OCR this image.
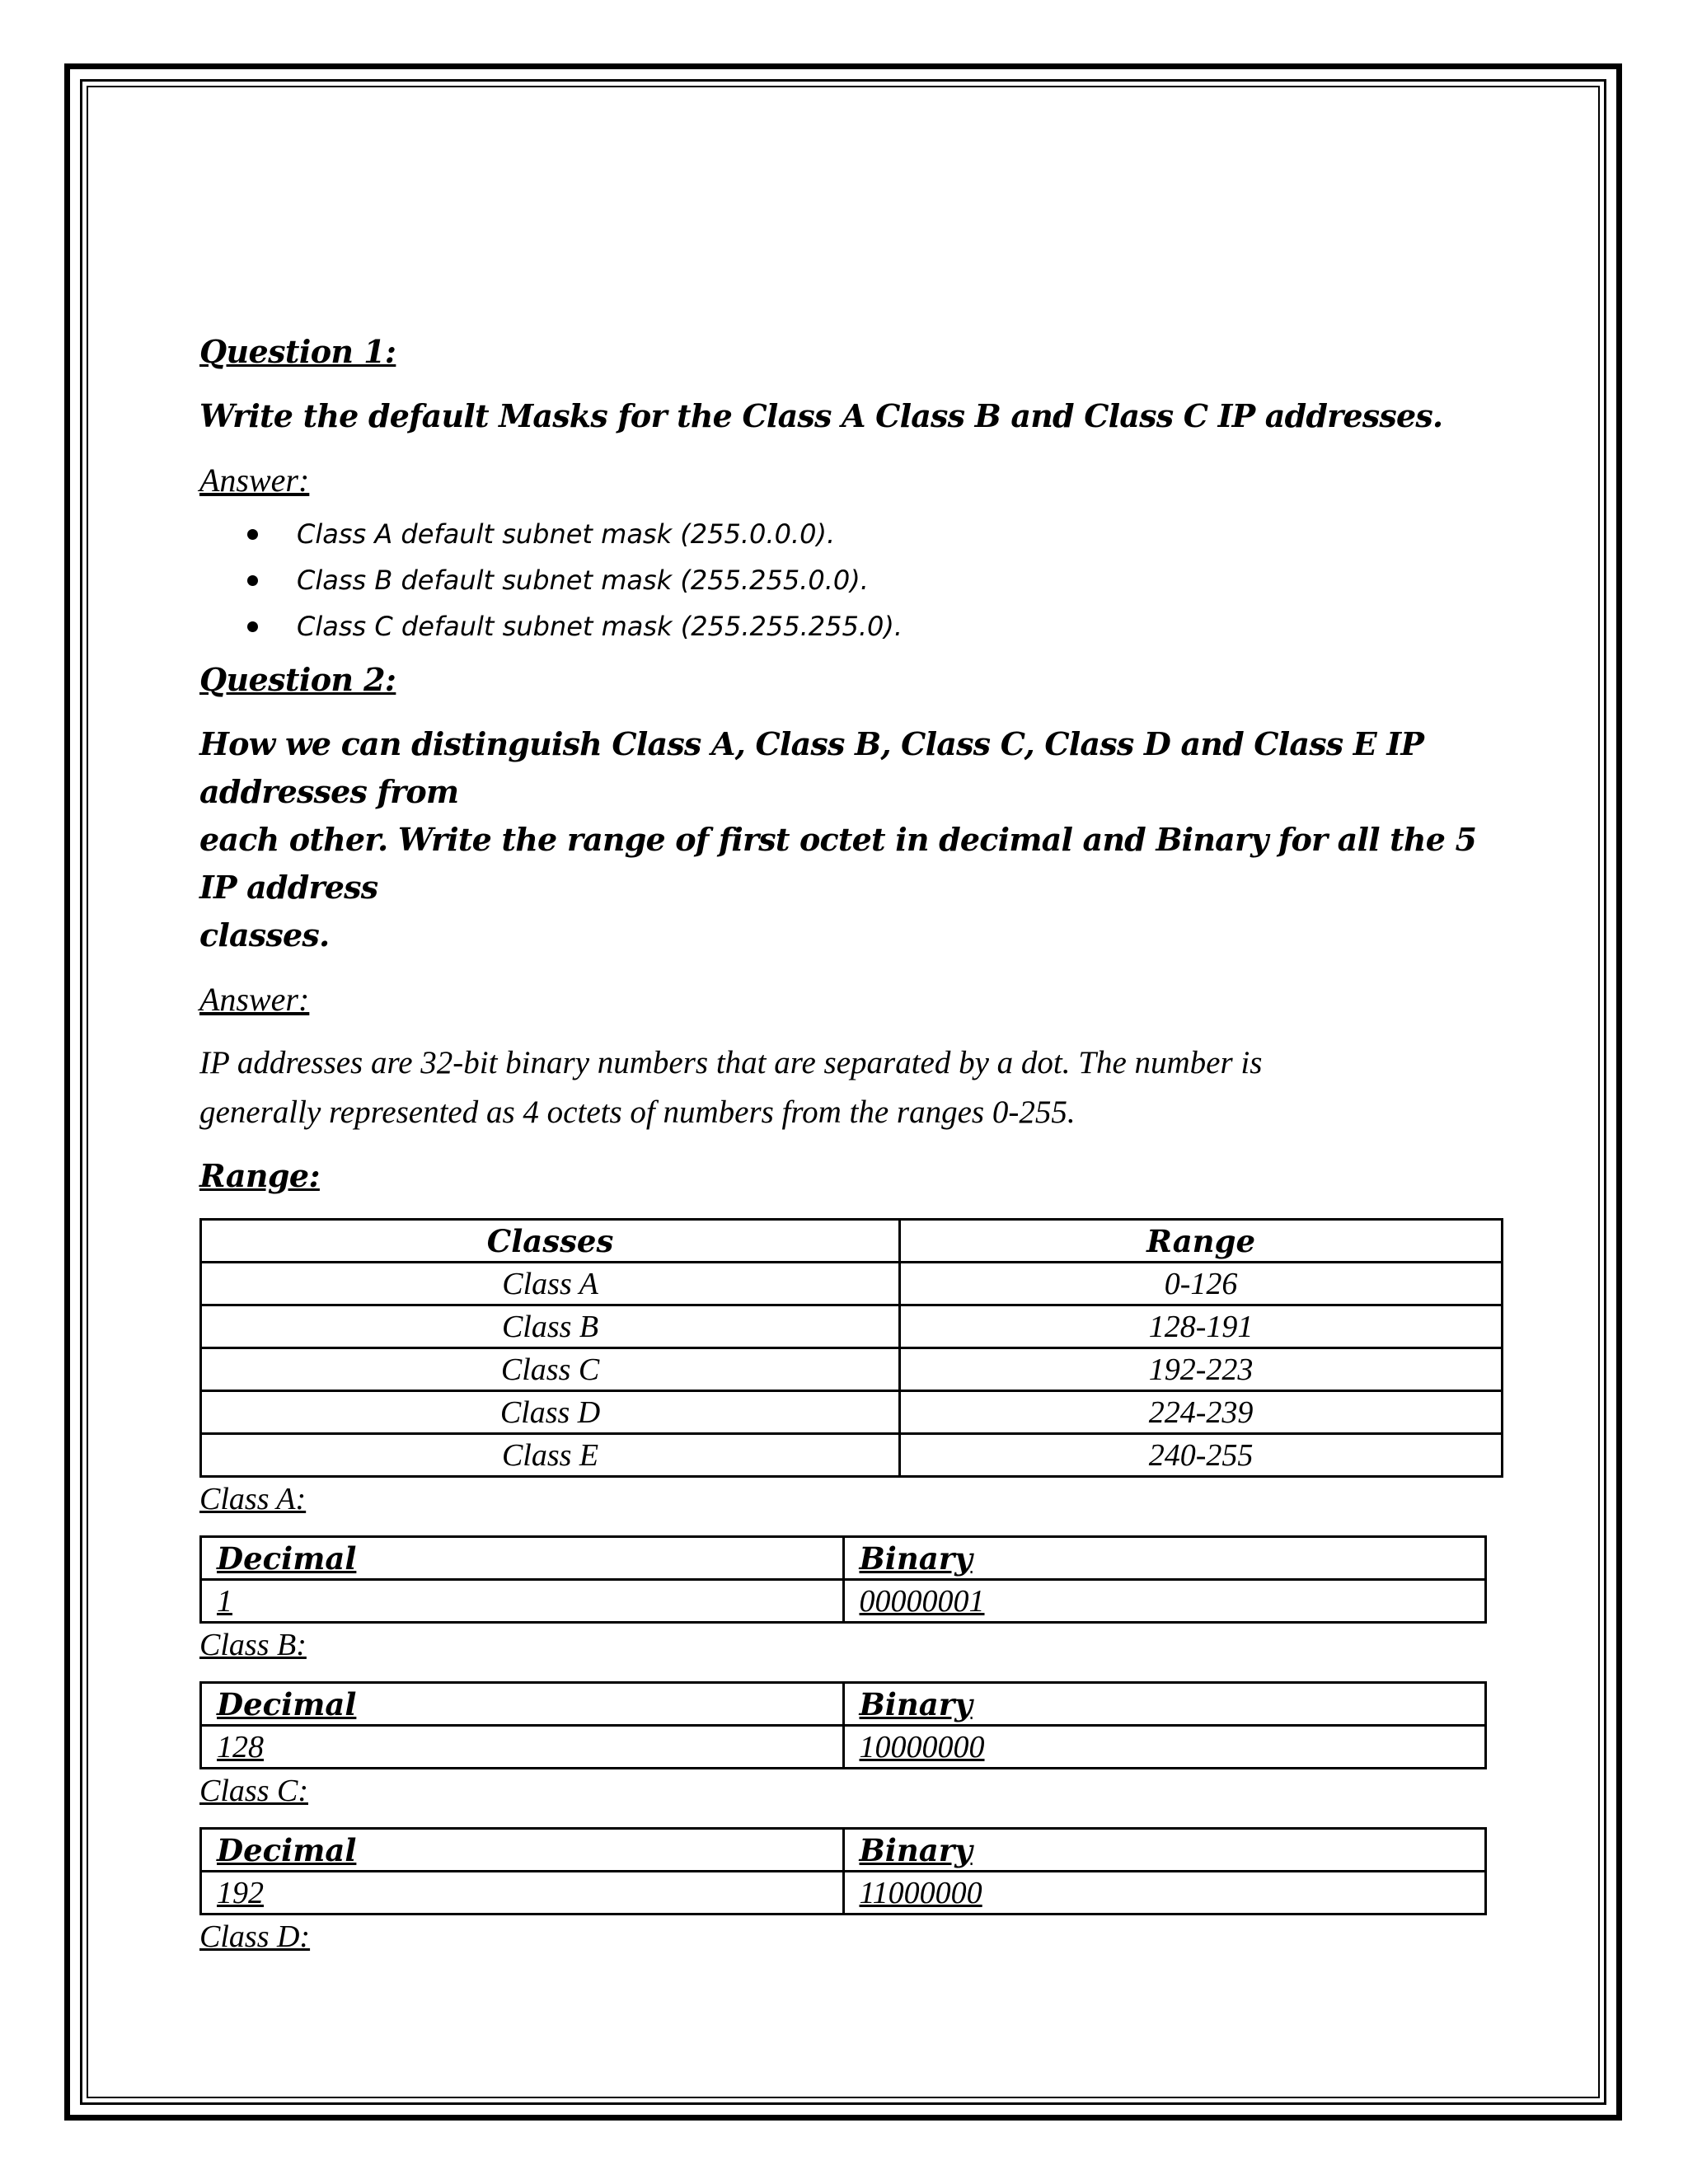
Question 1:

Write the default Masks for the Class A Class B and Class C IP addresses.

Answer:

Class A default subnet mask (255.0.0.0).
Class B default subnet mask (255.255.0.0).
Class C default subnet mask (255.255.255.0).

Question 2:

How we can distinguish Class A, Class B, Class C, Class D and Class E IP addresses from

each other. Write the range of first octet in decimal and Binary for all the 5 IP address

classes.

Answer:

IP addresses are 32-bit binary numbers that are separated by a dot. The number is

generally represented as 4 octets of numbers from the ranges 0-255.

Range:

Classes	Range
Class A	0-126
Class B	128-191
Class C	192-223
Class D	224-239
Class E	240-255

Class A:

Decimal	Binary
1	00000001

Class B:

Decimal	Binary
128	10000000

Class C:

Decimal	Binary
192	11000000

Class D:
